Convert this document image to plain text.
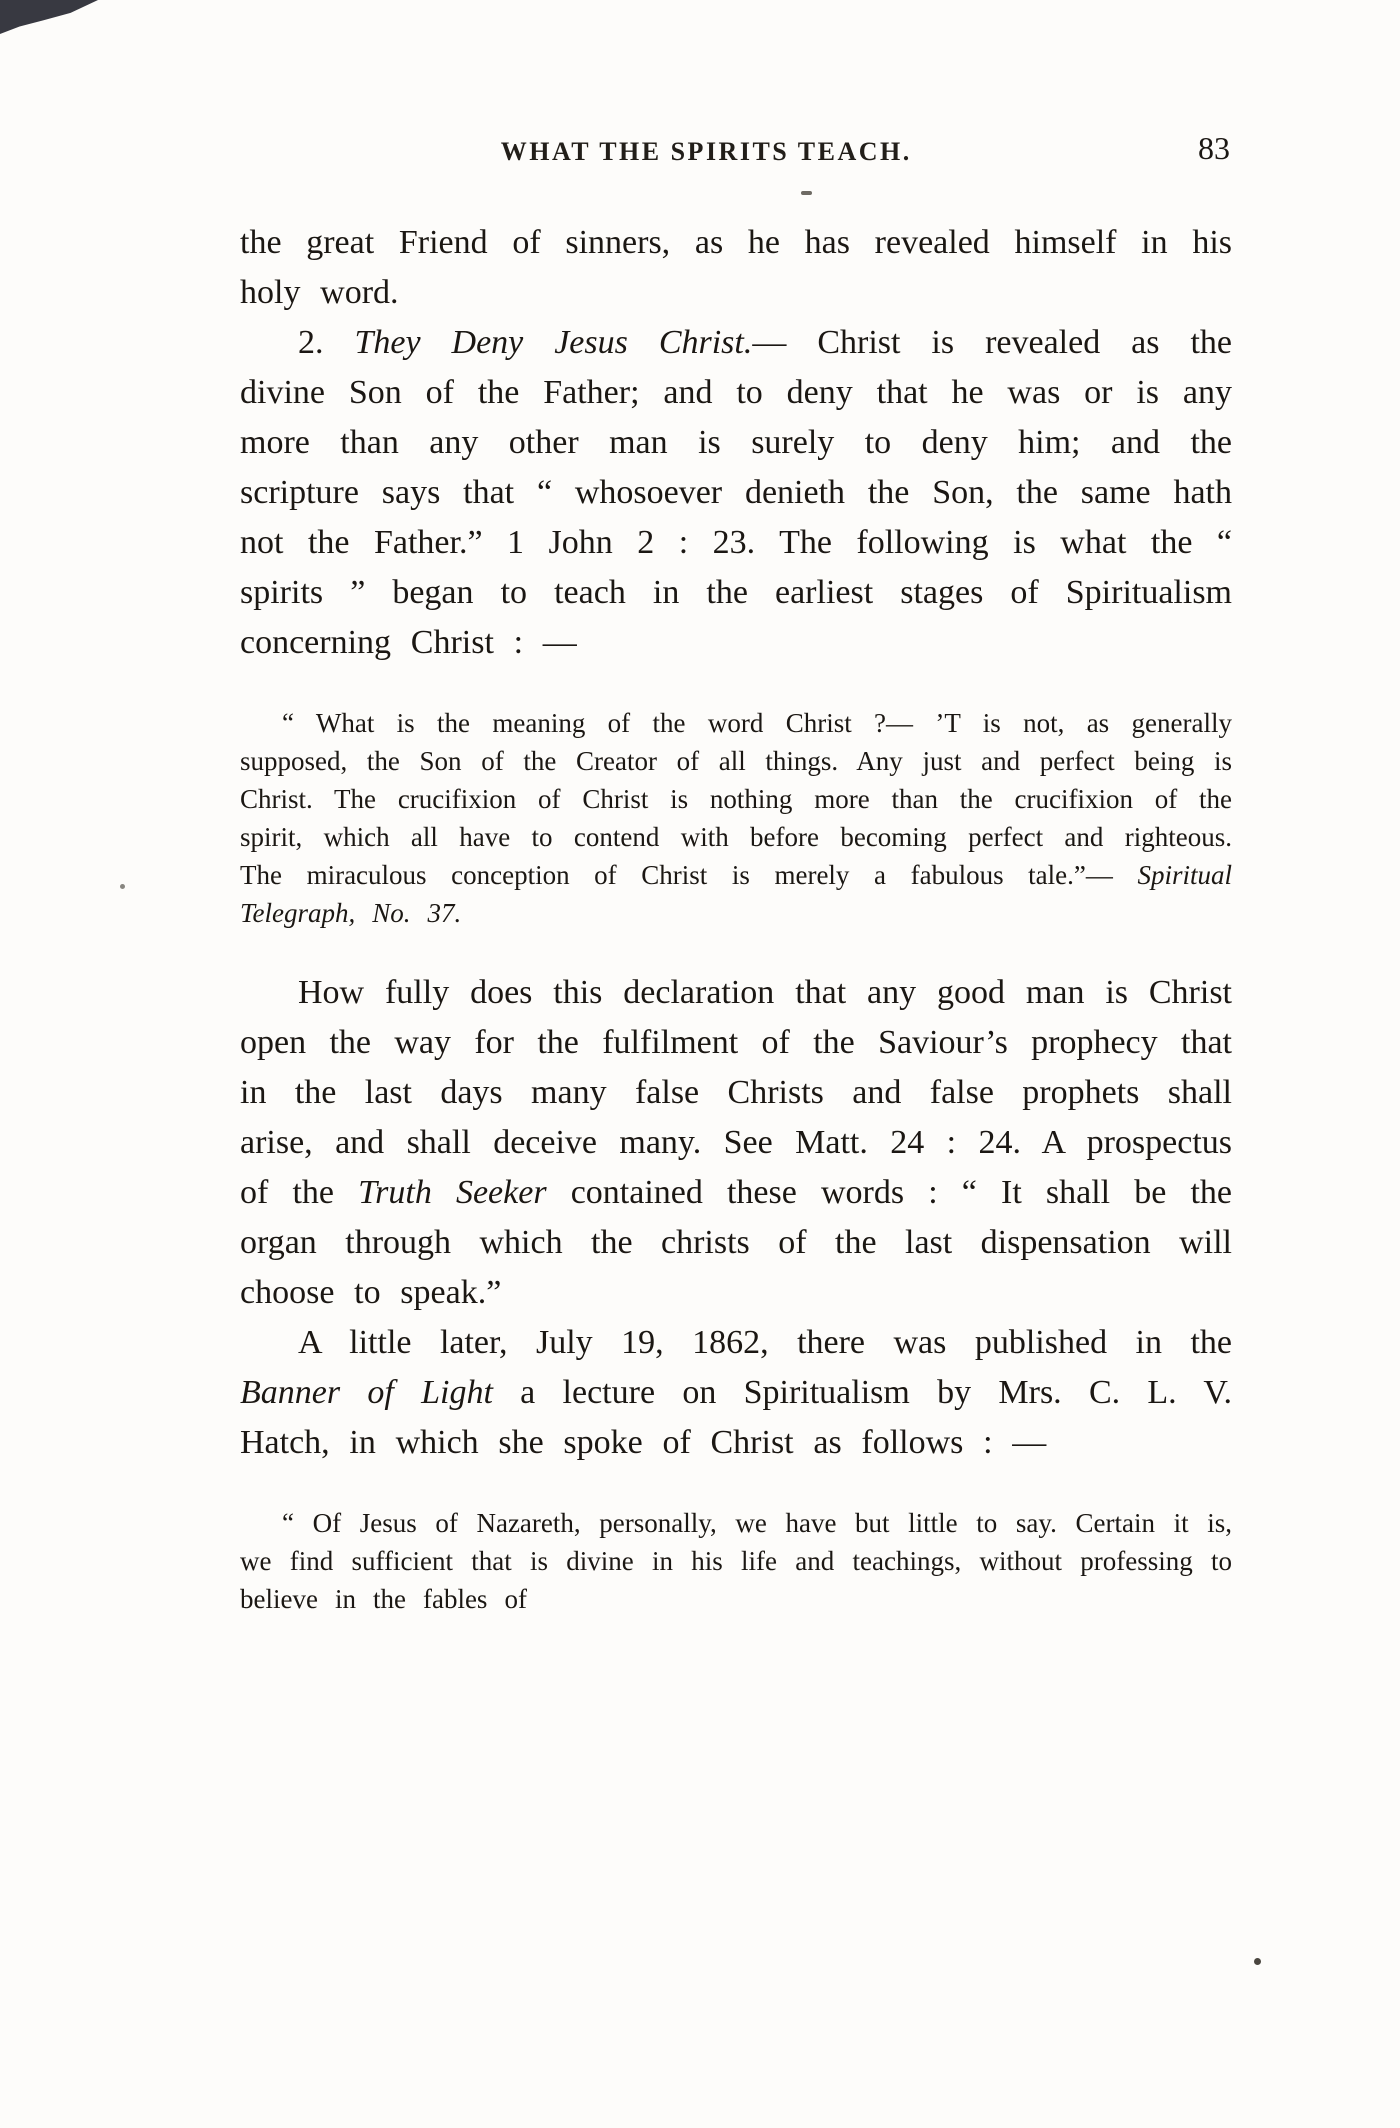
WHAT THE SPIRITS TEACH.	83

the great Friend of sinners, as he has revealed himself in his holy word.

2. They Deny Jesus Christ.— Christ is revealed as the divine Son of the Father; and to deny that he was or is any more than any other man is surely to deny him; and the scripture says that “ whosoever denieth the Son, the same hath not the Father.” 1 John 2 : 23. The following is what the “ spirits ” began to teach in the earliest stages of Spiritualism concerning Christ : —

“ What is the meaning of the word Christ ?— ’T is not, as generally supposed, the Son of the Creator of all things. Any just and perfect being is Christ. The crucifixion of Christ is nothing more than the crucifixion of the spirit, which all have to contend with before becoming perfect and righteous. The miraculous conception of Christ is merely a fabulous tale.”— Spiritual Telegraph, No. 37.

How fully does this declaration that any good man is Christ open the way for the fulfilment of the Saviour’s prophecy that in the last days many false Christs and false prophets shall arise, and shall deceive many. See Matt. 24 : 24. A prospectus of the Truth Seeker contained these words : “ It shall be the organ through which the christs of the last dispensation will choose to speak.”

A little later, July 19, 1862, there was published in the Banner of Light a lecture on Spiritualism by Mrs. C. L. V. Hatch, in which she spoke of Christ as follows : —

“ Of Jesus of Nazareth, personally, we have but little to say. Certain it is, we find sufficient that is divine in his life and teachings, without professing to believe in the fables of
